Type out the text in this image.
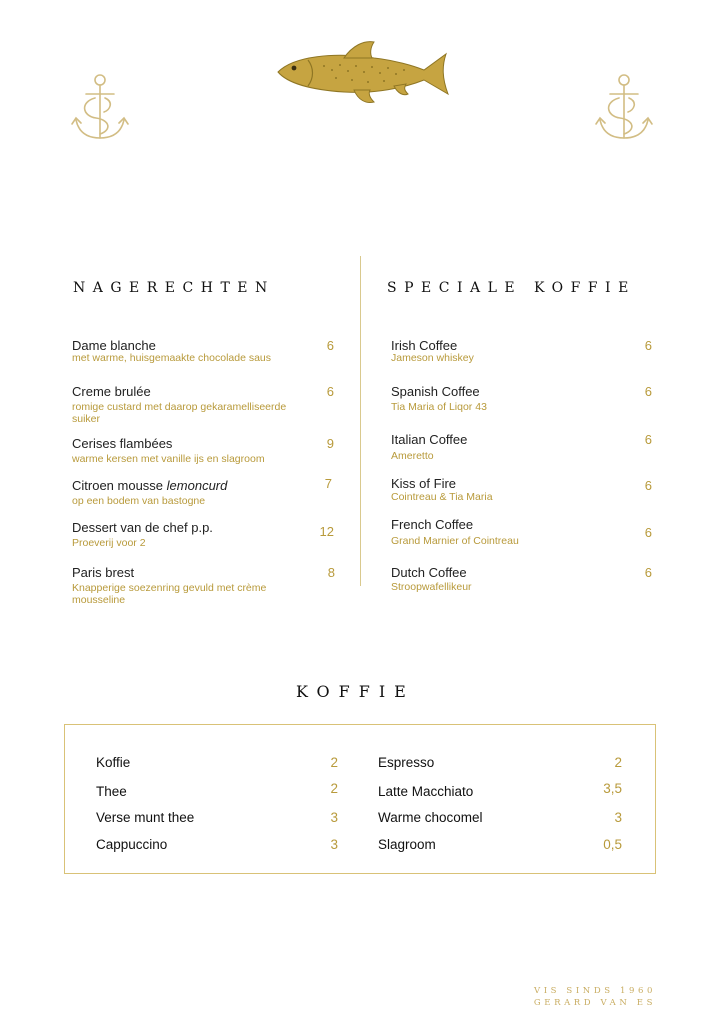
NAGERECHTEN	SPECIALE KOFFIE
Dame blanche
met warme, huisgemaakte chocolade saus
6
Creme brulée
romige custard met daarop gekaramelliseerde suiker
6
Cerises flambées
warme kersen met vanille ijs en slagroom
9
Citroen mousse lemoncurd
op een bodem van bastogne
7
Dessert van de chef p.p.
Proeverij voor 2
12
Paris brest
Knapperige soezenring gevuld met crème mousseline
8
Irish Coffee
Jameson whiskey
6
Spanish Coffee
Tia Maria of Liqor 43
6
Italian Coffee
Ameretto
6
Kiss of Fire
Cointreau & Tia Maria
6
French Coffee
Grand Marnier of Cointreau
6
Dutch Coffee
Stroopwafellikeur
6
KOFFIE
Koffie	2
Thee	2
Verse munt thee	3
Cappuccino	3
Espresso	2
Latte Macchiato	3,5
Warme chocomel	3
Slagroom	0,5
VIS SINDS 1960
GERARD VAN ES
